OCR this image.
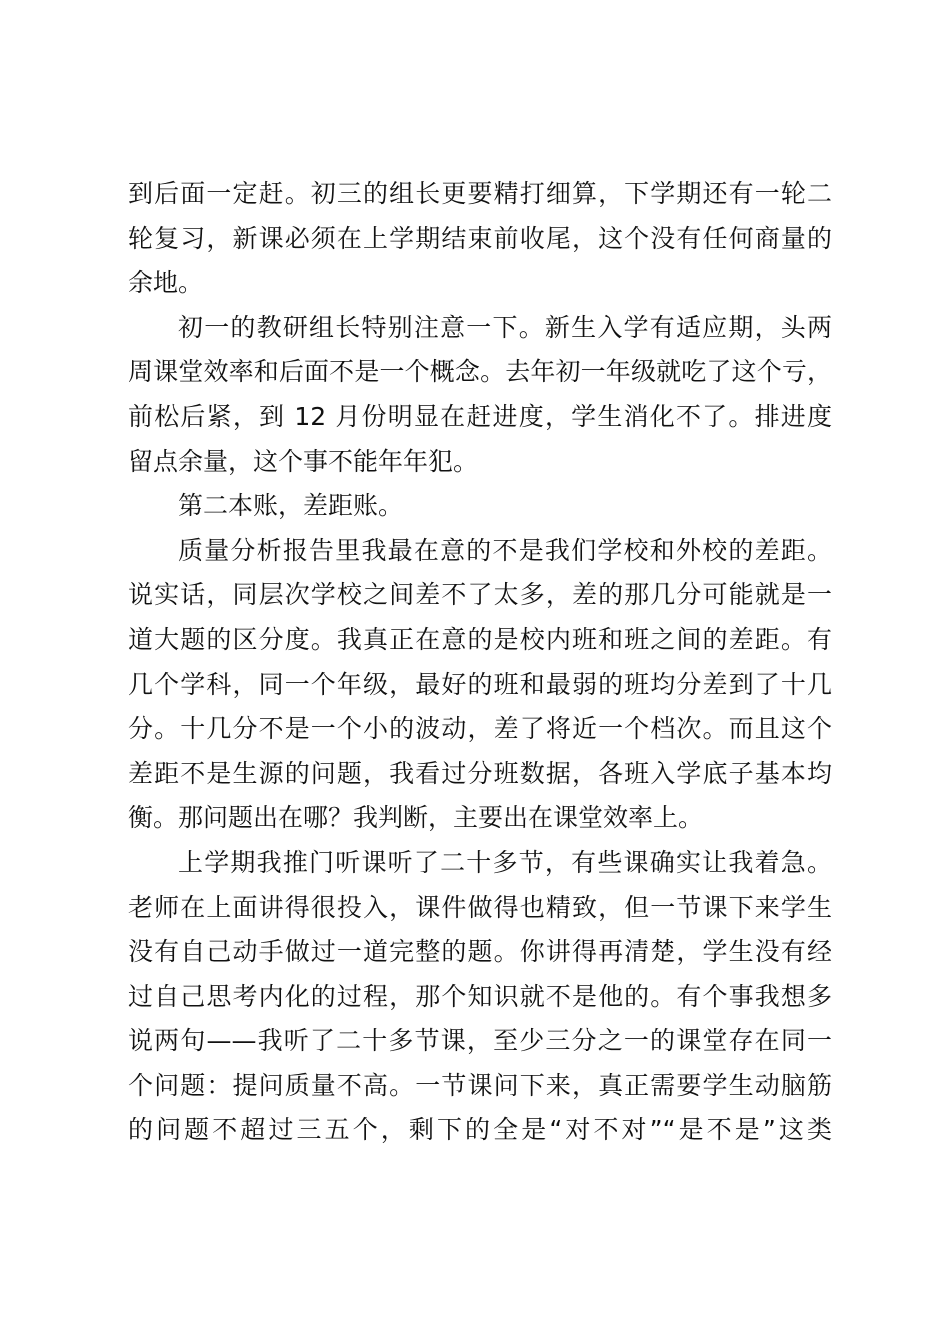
到后面一定赶。初三的组长更要精打细算，下学期还有一轮二
轮复习，新课必须在上学期结束前收尾，这个没有任何商量的
余地。
初一的教研组长特别注意一下。新生入学有适应期，头两
周课堂效率和后面不是一个概念。去年初一年级就吃了这个亏，
前松后紧，到 12 月份明显在赶进度，学生消化不了。排进度
留点余量，这个事不能年年犯。
第二本账，差距账。
质量分析报告里我最在意的不是我们学校和外校的差距。
说实话，同层次学校之间差不了太多，差的那几分可能就是一
道大题的区分度。我真正在意的是校内班和班之间的差距。有
几个学科，同一个年级，最好的班和最弱的班均分差到了十几
分。十几分不是一个小的波动，差了将近一个档次。而且这个
差距不是生源的问题，我看过分班数据，各班入学底子基本均
衡。那问题出在哪？我判断，主要出在课堂效率上。
上学期我推门听课听了二十多节，有些课确实让我着急。
老师在上面讲得很投入，课件做得也精致，但一节课下来学生
没有自己动手做过一道完整的题。你讲得再清楚，学生没有经
过自己思考内化的过程，那个知识就不是他的。有个事我想多
说两句——我听了二十多节课，至少三分之一的课堂存在同一
个问题：提问质量不高。一节课问下来，真正需要学生动脑筋
的问题不超过三五个，剩下的全是“对不对”“是不是”这类
